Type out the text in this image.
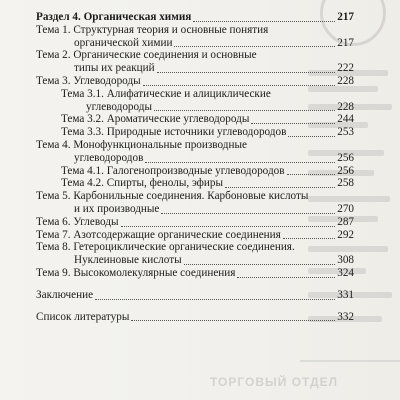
ТОРГОВЫЙ ОТДЕЛ
Раздел 4. Органическая химия	217
Тема 1. Структурная теория и основные понятия
органической химии	217
Тема 2. Органические соединения и основные
типы их реакций	222
Тема 3. Углеводороды	228
Тема 3.1. Алифатические и алициклические
углеводороды	228
Тема 3.2. Ароматические углеводороды	244
Тема 3.3. Природные источники углеводородов	253
Тема 4. Монофункциональные производные
углеводородов	256
Тема 4.1. Галогенопроизводные углеводородов	256
Тема 4.2. Спирты, фенолы, эфиры	258
Тема 5. Карбонильные соединения. Карбоновые кислоты
и их производные	270
Тема 6. Углеводы	287
Тема 7. Азотсодержащие органические соединения	292
Тема 8. Гетероциклические органические соединения.
Нуклеиновые кислоты	308
Тема 9. Высокомолекулярные соединения	324
Заключение	331
Список литературы	332
